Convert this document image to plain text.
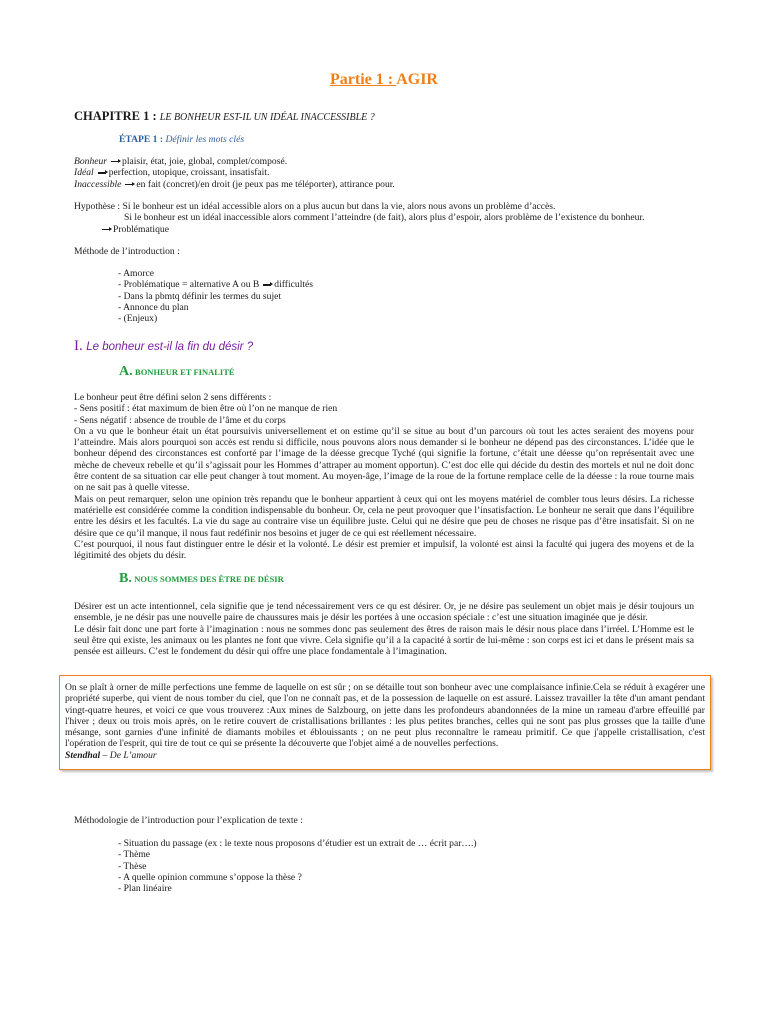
Partie 1 : AGIR
CHAPITRE 1 : LE BONHEUR EST-IL UN IDÉAL INACCESSIBLE ?
ÉTAPE 1 : Définir les mots clés
Bonheur plaisir, état, joie, global, complet/composé.
Idéal perfection, utopique, croissant, insatisfait.
Inaccessible en fait (concret)/en droit (je peux pas me téléporter), attirance pour.
Hypothèse : Si le bonheur est un idéal accessible alors on a plus aucun but dans la vie, alors nous avons un problème d’accès.
Si le bonheur est un idéal inaccessible alors comment l’atteindre (de fait), alors plus d’espoir, alors problème de l’existence du bonheur.
Problématique
Méthode de l’introduction :
- Amorce
- Problématique = alternative A ou B difficultés
- Dans la pbmtq définir les termes du sujet
- Annonce du plan
- (Enjeux)
I. Le bonheur est-il la fin du désir ?
A. BONHEUR ET FINALITÉ

Le bonheur peut être défini selon 2 sens différents :

- Sens positif : état maximum de bien être où l’on ne manque de rien

- Sens négatif : absence de trouble de l’âme et du corps

On a vu que le bonheur était un état poursuivis universellement et on estime qu’il se situe au bout d’un parcours où tout les actes seraient des moyens pour l’atteindre. Mais alors pourquoi son accès est rendu si difficile, nous pouvons alors nous demander si le bonheur ne dépend pas des circonstances. L’idée que le bonheur dépend des circonstances est conforté par l’image de la déesse grecque Tyché (qui signifie la fortune, c’était une déesse qu’on représentait avec une mèche de cheveux rebelle et qu’il s’agissait pour les Hommes d’attraper au moment opportun). C’est doc elle qui décide du destin des mortels et nul ne doit donc être content de sa situation car elle peut changer à tout moment. Au moyen-âge, l’image de la roue de la fortune remplace celle de la déesse : la roue tourne mais on ne sait pas à quelle vitesse.

Mais on peut remarquer, selon une opinion très repandu que le bonheur appartient à ceux qui ont les moyens matériel de combler tous leurs désirs. La richesse matérielle est considérée comme la condition indispensable du bonheur. Or, cela ne peut provoquer que l’insatisfaction. Le bonheur ne serait que dans l’équilibre entre les désirs et les facultés. La vie du sage au contraire vise un équilibre juste. Celui qui ne désire que peu de choses ne risque pas d’être insatisfait. Si on ne désire que ce qu’il manque, il nous faut redéfinir nos besoins et juger de ce qui est réellement nécessaire.

C’est pourquoi, il nous faut distinguer entre le désir et la volonté. Le désir est premier et impulsif, la volonté est ainsi la faculté qui jugera des moyens et de la légitimité des objets du désir.

B. NOUS SOMMES DES ÊTRE DE DÉSIR

Désirer est un acte intentionnel, cela signifie que je tend nécessairement vers ce qu est désirer. Or, je ne désire pas seulement un objet mais je désir toujours un ensemble, je ne désir pas une nouvelle paire de chaussures mais je désir les portées à une occasion spéciale : c’est une situation imaginée que je désir.

Le désir fait donc une part forte à l’imagination : nous ne sommes donc pas seulement des êtres de raison mais le désir nous place dans l’irréel. L’Homme est le seul être qui existe, les animaux ou les plantes ne font que vivre. Cela signifie qu’il a la capacité à sortir de lui-même : son corps est ici et dans le présent mais sa pensée est ailleurs. C’est le fondement du désir qui offre une place fondamentale à l’imagination.

On se plaît à orner de mille perfections une femme de laquelle on est sûr ; on se détaille tout son bonheur avec une complaisance infinie.Cela se réduit à exagérer une propriété superbe, qui vient de nous tomber du ciel, que l'on ne connaît pas, et de la possession de laquelle on est assuré. Laissez travailler la tête d'un amant pendant vingt-quatre heures, et voici ce que vous trouverez :Aux mines de Salzbourg, on jette dans les profondeurs abandonnées de la mine un rameau d'arbre effeuillé par l'hiver ; deux ou trois mois après, on le retire couvert de cristallisations brillantes : les plus petites branches, celles qui ne sont pas plus grosses que la taille d'une mésange, sont garnies d'une infinité de diamants mobiles et éblouissants ; on ne peut plus reconnaître le rameau primitif. Ce que j'appelle cristallisation, c'est l'opération de l'esprit, qui tire de tout ce qui se présente la découverte que l'objet aimé a de nouvelles perfections.

Stendhal – De L’amour

Méthodologie de l’introduction pour l’explication de texte :
- Situation du passage (ex : le texte nous proposons d’étudier est un extrait de … écrit par….)
- Thème
- Thèse
- A quelle opinion commune s’oppose la thèse ?
- Plan linéaire
